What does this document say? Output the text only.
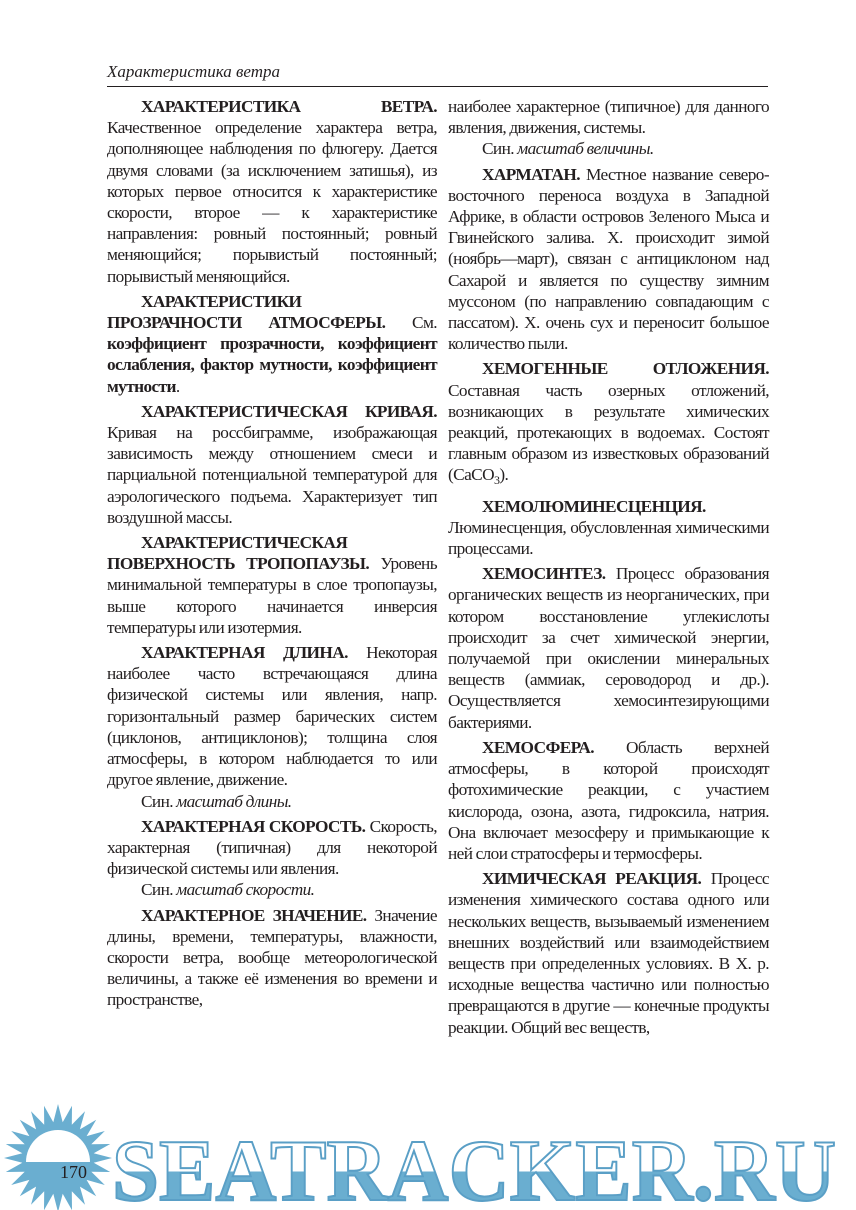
Характеристика ветра

ХАРАКТЕРИСТИКА ВЕТРА. Качественное определение характера ветра, дополняющее наблюдения по флюгеру. Дается двумя словами (за исключением затишья), из которых первое относится к характеристике скорости, второе — к характеристике направления: ровный постоянный; ровный меняющийся; порывистый постоянный; порывистый меняющийся.

ХАРАКТЕРИСТИКИ ПРОЗРАЧНОСТИ АТМОСФЕРЫ. См. коэффициент прозрачности, коэффициент ослабления, фактор мутности, коэффициент мутности.

ХАРАКТЕРИСТИЧЕСКАЯ КРИВАЯ. Кривая на россбиграмме, изображающая зависимость между отношением смеси и парциальной потенциальной температурой для аэрологического подъема. Характеризует тип воздушной массы.

ХАРАКТЕРИСТИЧЕСКАЯ ПОВЕРХНОСТЬ ТРОПОПАУЗЫ. Уровень минимальной температуры в слое тропопаузы, выше которого начинается инверсия температуры или изотермия.

ХАРАКТЕРНАЯ ДЛИНА. Некоторая наиболее часто встречающаяся длина физической системы или явления, напр. горизонтальный размер барических систем (циклонов, антициклонов); толщина слоя атмосферы, в котором наблюдается то или другое явление, движение.

Син. масштаб длины.

ХАРАКТЕРНАЯ СКОРОСТЬ. Скорость, характерная (типичная) для некоторой физической системы или явления.

Син. масштаб скорости.

ХАРАКТЕРНОЕ ЗНАЧЕНИЕ. Значение длины, времени, температуры, влажности, скорости ветра, вообще метеорологической величины, а также её изменения во времени и пространстве,

наиболее характерное (типичное) для данного явления, движения, системы.

Син. масштаб величины.

ХАРМАТАН. Местное название северо-восточного переноса воздуха в Западной Африке, в области островов Зеленого Мыса и Гвинейского залива. Х. происходит зимой (ноябрь—март), связан с антициклоном над Сахарой и является по существу зимним муссоном (по направлению совпадающим с пассатом). Х. очень сух и переносит большое количество пыли.

ХЕМОГЕННЫЕ ОТЛОЖЕНИЯ. Составная часть озерных отложений, возникающих в результате химических реакций, протекающих в водоемах. Состоят главным образом из известковых образований (CaCO$_3$).

ХЕМОЛЮМИНЕСЦЕНЦИЯ. Люминесценция, обусловленная химическими процессами.

ХЕМОСИНТЕЗ. Процесс образования органических веществ из неорганических, при котором восстановление углекислоты происходит за счет химической энергии, получаемой при окислении минеральных веществ (аммиак, сероводород и др.). Осуществляется хемосинтезирующими бактериями.

ХЕМОСФЕРА. Область верхней атмосферы, в которой происходят фотохимические реакции, с участием кислорода, озона, азота, гидроксила, натрия. Она включает мезосферу и примыкающие к ней слои стратосферы и термосферы.

ХИМИЧЕСКАЯ РЕАКЦИЯ. Процесс изменения химического состава одного или нескольких веществ, вызываемый изменением внешних воздействий или взаимодействием веществ при определенных условиях. В Х. р. исходные вещества частично или полностью превращаются в другие — конечные продукты реакции. Общий вес веществ,

SEATRACKER.RU
170
